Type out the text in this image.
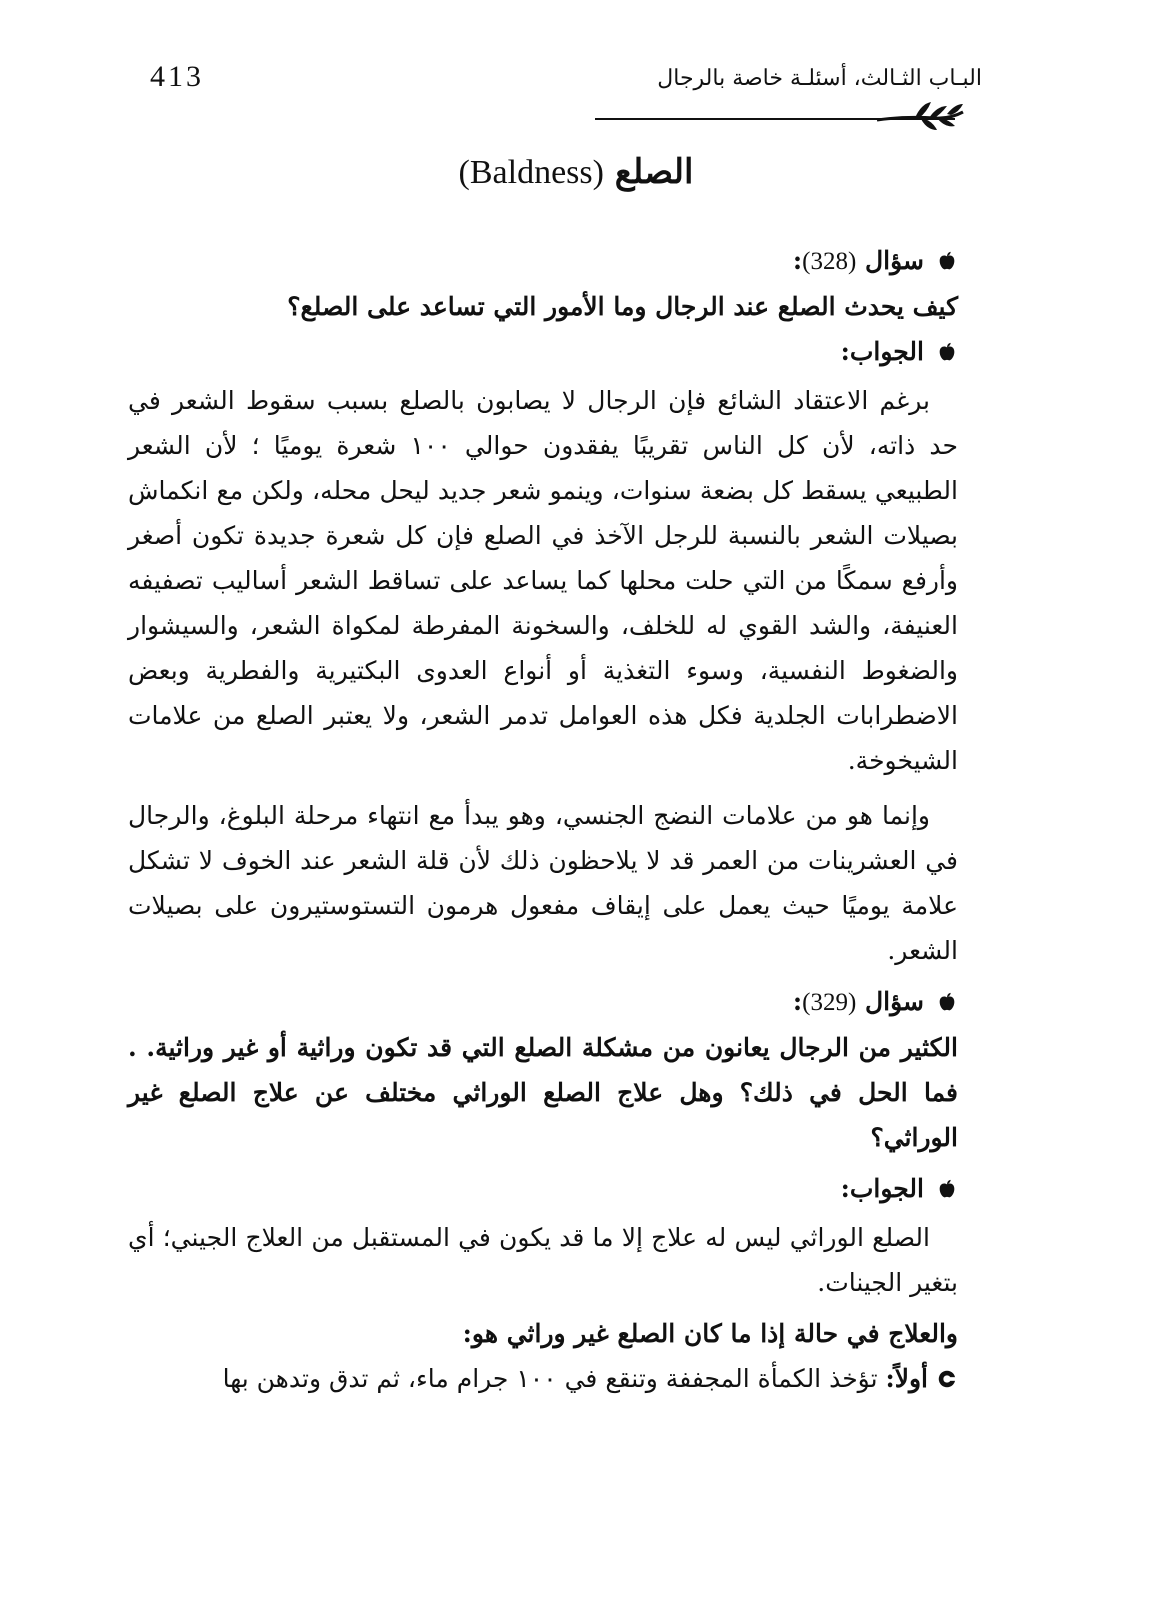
413	البـاب الثـالث، أسئلـة خاصة بالرجال
الصلع (Baldness)

سؤال (328):

كيف يحدث الصلع عند الرجال وما الأمور التي تساعد على الصلع؟

الجواب:

برغم الاعتقاد الشائع فإن الرجال لا يصابون بالصلع بسبب سقوط الشعر في حد ذاته، لأن كل الناس تقريبًا يفقدون حوالي ١٠٠ شعرة يوميًا ؛ لأن الشعر الطبيعي يسقط كل بضعة سنوات، وينمو شعر جديد ليحل محله، ولكن مع انكماش بصيلات الشعر بالنسبة للرجل الآخذ في الصلع فإن كل شعرة جديدة تكون أصغر وأرفع سمكًا من التي حلت محلها كما يساعد على تساقط الشعر أساليب تصفيفه العنيفة، والشد القوي له للخلف، والسخونة المفرطة لمكواة الشعر، والسيشوار والضغوط النفسية، وسوء التغذية أو أنواع العدوى البكتيرية والفطرية وبعض الاضطرابات الجلدية فكل هذه العوامل تدمر الشعر، ولا يعتبر الصلع من علامات الشيخوخة.

وإنما هو من علامات النضج الجنسي، وهو يبدأ مع انتهاء مرحلة البلوغ، والرجال في العشرينات من العمر قد لا يلاحظون ذلك لأن قلة الشعر عند الخوف لا تشكل علامة يوميًا حيث يعمل على إيقاف مفعول هرمون التستوستيرون على بصيلات الشعر.

سؤال (329):

الكثير من الرجال يعانون من مشكلة الصلع التي قد تكون وراثية أو غير وراثية. . فما الحل في ذلك؟ وهل علاج الصلع الوراثي مختلف عن علاج الصلع غير الوراثي؟

الجواب:

الصلع الوراثي ليس له علاج إلا ما قد يكون في المستقبل من العلاج الجيني؛ أي بتغير الجينات.

والعلاج في حالة إذا ما كان الصلع غير وراثي هو:

أولاً: تؤخذ الكمأة المجففة وتنقع في ١٠٠ جرام ماء، ثم تدق وتدهن بها
